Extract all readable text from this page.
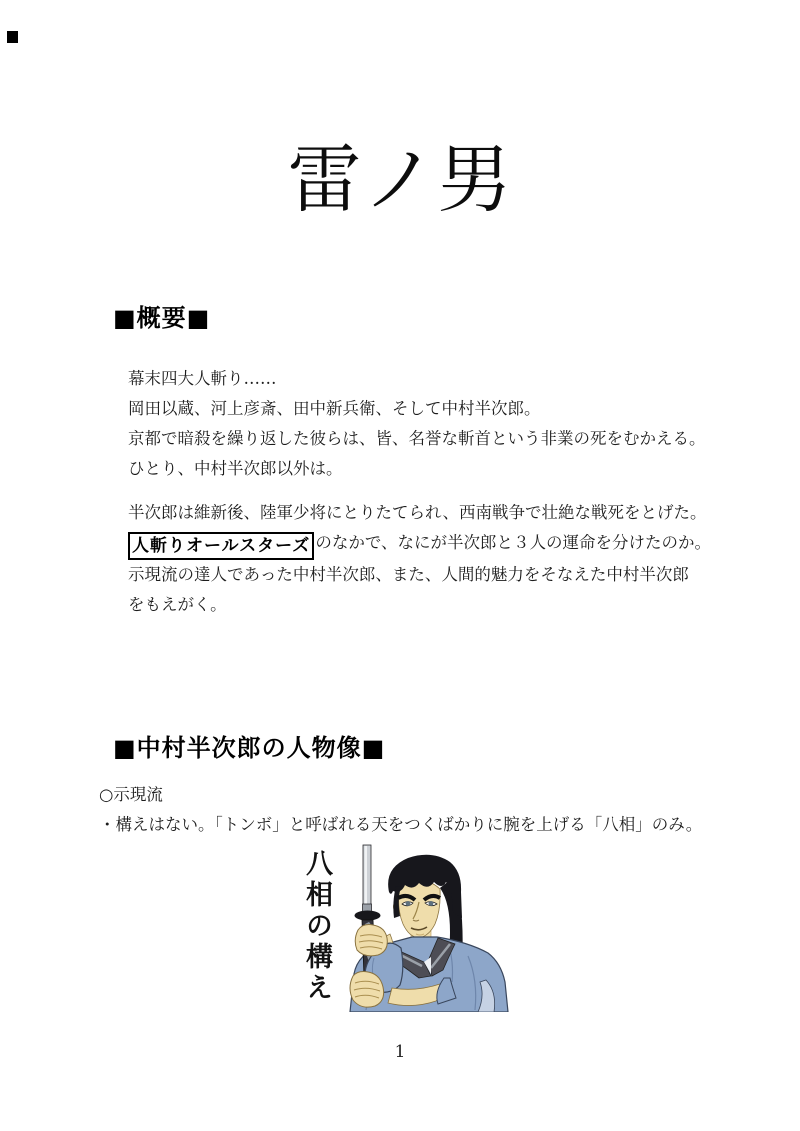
雷ノ男
■概要■
幕末四大人斬り……
岡田以蔵、河上彦斎、田中新兵衛、そして中村半次郎。
京都で暗殺を繰り返した彼らは、皆、名誉な斬首という非業の死をむかえる。
ひとり、中村半次郎以外は。
半次郎は維新後、陸軍少将にとりたてられ、西南戦争で壮絶な戦死をとげた。
人斬りオールスターズ のなかで、なにが半次郎と３人の運命を分けたのか。
示現流の達人であった中村半次郎、また、人間的魅力をそなえた中村半次郎
をもえがく。
■中村半次郎の人物像■
○示現流
・構えはない。「トンボ」と呼ばれる天をつくばかりに腕を上げる「八相」のみ。
八相の構え
1
